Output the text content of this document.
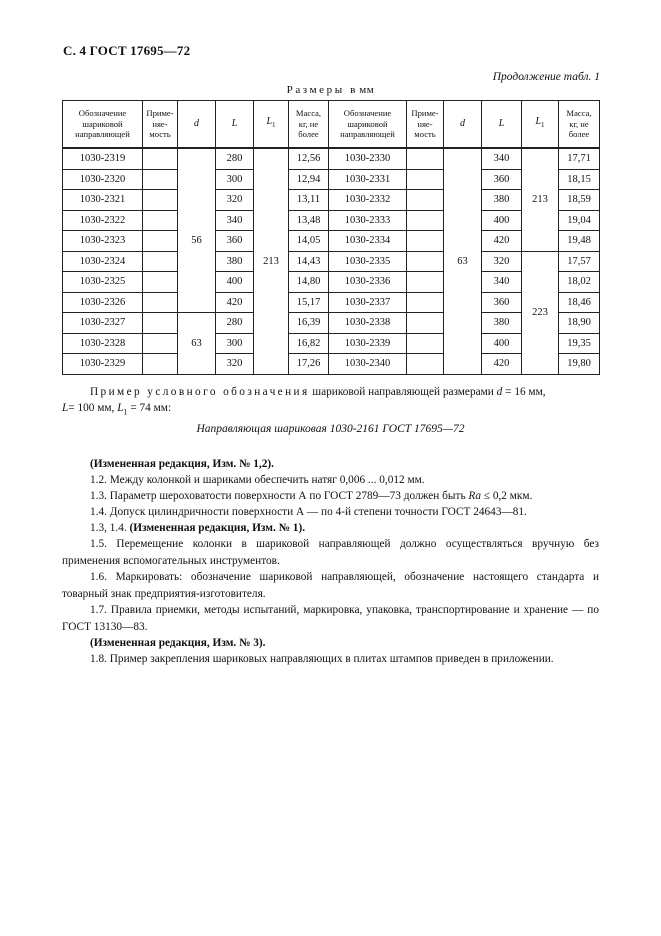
С. 4 ГОСТ 17695—72
Продолжение табл. 1
Размеры в мм
Обозначение
шариковой
направляющей	Приме-
няе-
мость	d	L	$L_1$	Масса,
кг, не
более	Обозначение
шариковой
направляющей	Приме-
няе-
мость	d	L	$L_1$	Масса,
кг, не
более
1030-2319			280	213	12,56	1030-2330		63	340	213	17,71
1030-2320		56	300		12,94	1030-2331			360		18,15
1030-2321			320		13,11	1030-2332			380		18,59
1030-2322			340		13,48	1030-2333			400		19,04
1030-2323			360		14,05	1030-2334			420		19,48
1030-2324			380		14,43	1030-2335			320	223	17,57
1030-2325			400		14,80	1030-2336			340		18,02
1030-2326			420		15,17	1030-2337			360		18,46
1030-2327		63	280		16,39	1030-2338			380		18,90
1030-2328			300		16,82	1030-2339			400		19,35
1030-2329			320		17,26	1030-2340			420		19,80
Пример условного обозначения шариковой направляющей размерами d = 16 мм,
L= 100 мм, $L_1 = 74$ мм:
Направляющая шариковая 1030-2161 ГОСТ 17695—72
(Измененная редакция, Изм. № 1,2).
1.2. Между колонкой и шариками обеспечить натяг 0,006 ... 0,012 мм.
1.3. Параметр шероховатости поверхности А по ГОСТ 2789—73 должен быть Ra ≤ 0,2 мкм.
1.4. Допуск цилиндричности поверхности А — по 4-й степени точности ГОСТ 24643—81.
1.3, 1.4. (Измененная редакция, Изм. № 1).
1.5. Перемещение колонки в шариковой направляющей должно осуществляться вручную без применения вспомогательных инструментов.
1.6. Маркировать: обозначение шариковой направляющей, обозначение настоящего стандарта и товарный знак предприятия-изготовителя.
1.7. Правила приемки, методы испытаний, маркировка, упаковка, транспортирование и хранение — по ГОСТ 13130—83.
(Измененная редакция, Изм. № 3).
1.8. Пример закрепления шариковых направляющих в плитах штампов приведен в приложении.
